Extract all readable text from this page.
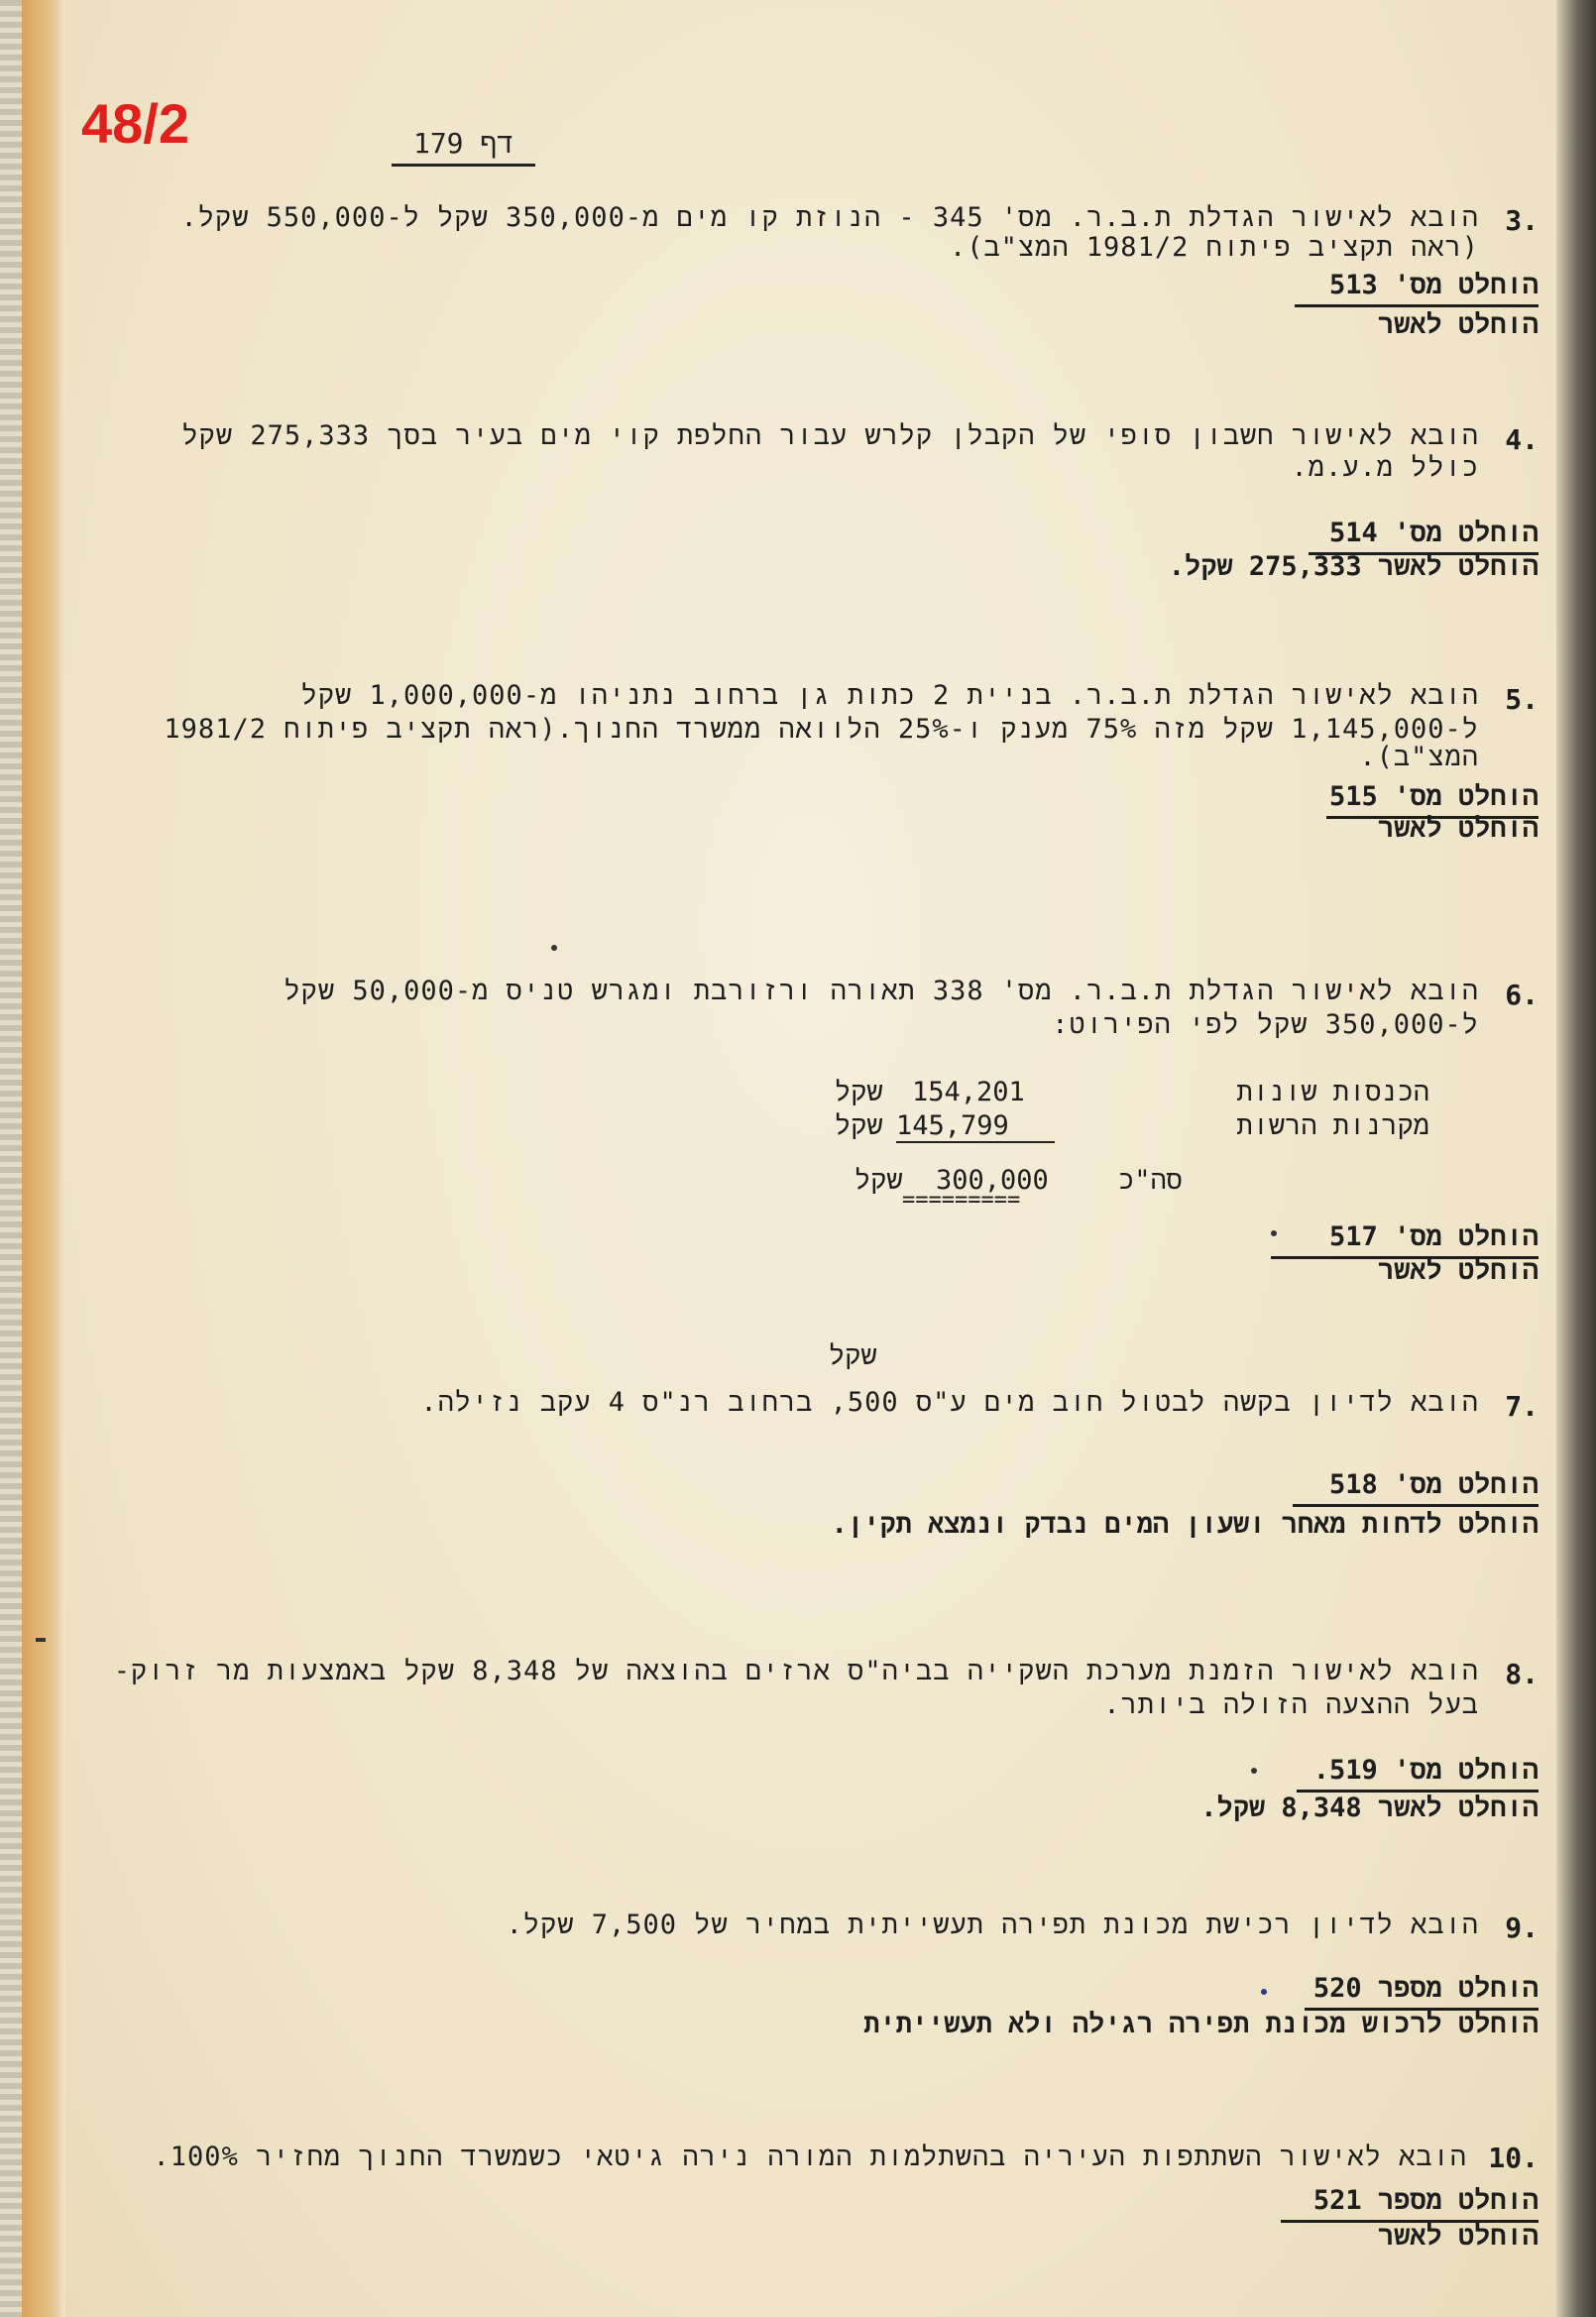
48/2	דף 179
3.
הובא לאישור הגדלת ת.ב.ר. מס' 345 - הנוזת קו מים מ-350,000 שקל ל-550,000 שקל.
(ראה תקציב פיתוח 1981/2 המצ"ב).
הוחלט מס' 513
הוחלט לאשר
4.
הובא לאישור חשבון סופי של הקבלן קלרש עבור החלפת קוי מים בעיר בסך 275,333 שקל
כולל מ.ע.מ.
הוחלט מס' 514
הוחלט לאשר 275,333 שקל.
5.
הובא לאישור הגדלת ת.ב.ר. בניית 2 כתות גן ברחוב נתניהו מ-1,000,000 שקל
ל-1,145,000 שקל מזה 75% מענק ו-25% הלוואה ממשרד החנוך.(ראה תקציב פיתוח 1981/2
המצ"ב).
הוחלט מס' 515
הוחלט לאשר
6.
הובא לאישור הגדלת ת.ב.ר. מס' 338 תאורה ורזורבת ומגרש טניס מ-50,000 שקל
ל-350,000 שקל לפי הפירוט:
הכנסות שונות
154,201
שקל
מקרנות הרשות
145,799
שקל
סה"כ
300,000
שקל
=========
הוחלט מס' 517
הוחלט לאשר
שקל
7.
הובא לדיון בקשה לבטול חוב מים ע"ס 500, ברחוב רנ"ס 4 עקב נזילה.
הוחלט מס' 518
הוחלט לדחות מאחר ושעון המים נבדק ונמצא תקין.
8.
הובא לאישור הזמנת מערכת השקייה בביה"ס ארזים בהוצאה של 8,348 שקל באמצעות מר זרוק-
בעל ההצעה הזולה ביותר.
הוחלט מס' 519.
הוחלט לאשר 8,348 שקל.
9.
הובא לדיון רכישת מכונת תפירה תעשייתית במחיר של 7,500 שקל.
הוחלט מספר 520
הוחלט לרכוש מכונת תפירה רגילה ולא תעשייתית
10.
הובא לאישור השתתפות העיריה בהשתלמות המורה נירה גיטאי כשמשרד החנוך מחזיר 100%.
הוחלט מספר 521
הוחלט לאשר
